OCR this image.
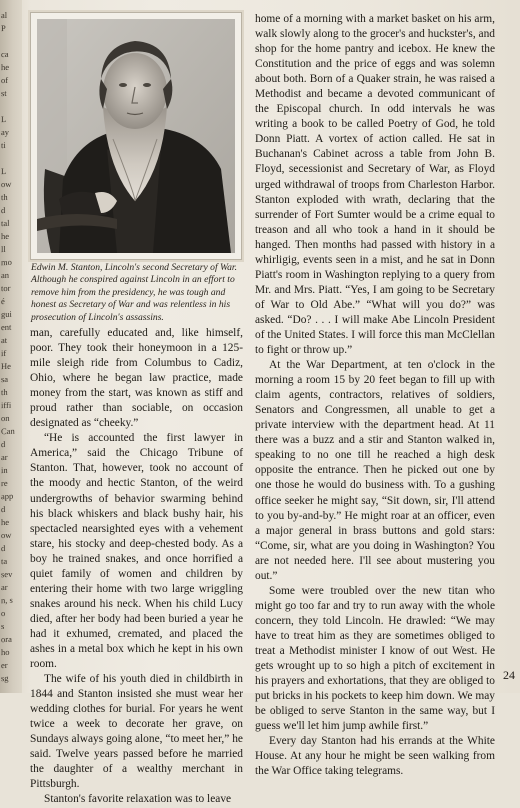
al
P
ca
he
of
st
L
ay
ti
L
ow
th
d
tal
he
ll
mo
an
tor
é
gui
ent
at
if
He
sa
th
iffi
on
Can
d
ar
in
re
app
d
he
ow
d
ta
sev
ar
n, s
o
s
ora
ho
er
sg

Edwin M. Stanton, Lincoln's second Secretary of War. Although he conspired against Lincoln in an effort to remove him from the presidency, he was tough and honest as Secretary of War and was relentless in his prosecution of Lincoln's assassins.

man, carefully educated and, like himself, poor. They took their honeymoon in a 125-mile sleigh ride from Columbus to Cadiz, Ohio, where he began law practice, made money from the start, was known as stiff and proud rather than sociable, on occasion designated as “cheeky.”

“He is accounted the first lawyer in America,” said the Chicago Tribune of Stanton. That, however, took no account of the moody and hectic Stanton, of the weird undergrowths of behavior swarming behind his black whiskers and black bushy hair, his spectacled nearsighted eyes with a vehement stare, his stocky and deep-chested body. As a boy he trained snakes, and once horrified a quiet family of women and children by entering their home with two large wriggling snakes around his neck. When his child Lucy died, after her body had been buried a year he had it exhumed, cremated, and placed the ashes in a metal box which he kept in his own room.

The wife of his youth died in childbirth in 1844 and Stanton insisted she must wear her wedding clothes for burial. For years he went twice a week to decorate her grave, on Sundays always going alone, “to meet her,” he said. Twelve years passed before he married the daughter of a wealthy merchant in Pittsburgh.

Stanton's favorite relaxation was to leave

home of a morning with a market basket on his arm, walk slowly along to the grocer's and huckster's, and shop for the home pantry and icebox. He knew the Constitution and the price of eggs and was solemn about both. Born of a Quaker strain, he was raised a Methodist and became a devoted communicant of the Episcopal church. In odd intervals he was writing a book to be called Poetry of God, he told Donn Piatt. A vortex of action called. He sat in Buchanan's Cabinet across a table from John B. Floyd, secessionist and Secretary of War, as Floyd urged withdrawal of troops from Charleston Harbor. Stanton exploded with wrath, declaring that the surrender of Fort Sumter would be a crime equal to treason and all who took a hand in it should be hanged. Then months had passed with history in a whirligig, events seen in a mist, and he sat in Donn Piatt's room in Washington replying to a query from Mr. and Mrs. Piatt. “Yes, I am going to be Secretary of War to Old Abe.” “What will you do?” was asked. “Do? . . . I will make Abe Lincoln President of the United States. I will force this man McClellan to fight or throw up.”

At the War Department, at ten o'clock in the morning a room 15 by 20 feet began to fill up with claim agents, contractors, relatives of soldiers, Senators and Congressmen, all unable to get a private interview with the department head. At 11 there was a buzz and a stir and Stanton walked in, speaking to no one till he reached a high desk opposite the entrance. Then he picked out one by one those he would do business with. To a gushing office seeker he might say, “Sit down, sir, I'll attend to you by-and-by.” He might roar at an officer, even a major general in brass buttons and gold stars: “Come, sir, what are you doing in Washington? You are not needed here. I'll see about mustering you out.”

Some were troubled over the new titan who might go too far and try to run away with the whole concern, they told Lincoln. He drawled: “We may have to treat him as they are sometimes obliged to treat a Methodist minister I know of out West. He gets wrought up to so high a pitch of excitement in his prayers and exhortations, that they are obliged to put bricks in his pockets to keep him down. We may be obliged to serve Stanton in the same way, but I guess we'll let him jump awhile first.”

Every day Stanton had his errands at the White House. At any hour he might be seen walking from the War Office taking telegrams.

24
